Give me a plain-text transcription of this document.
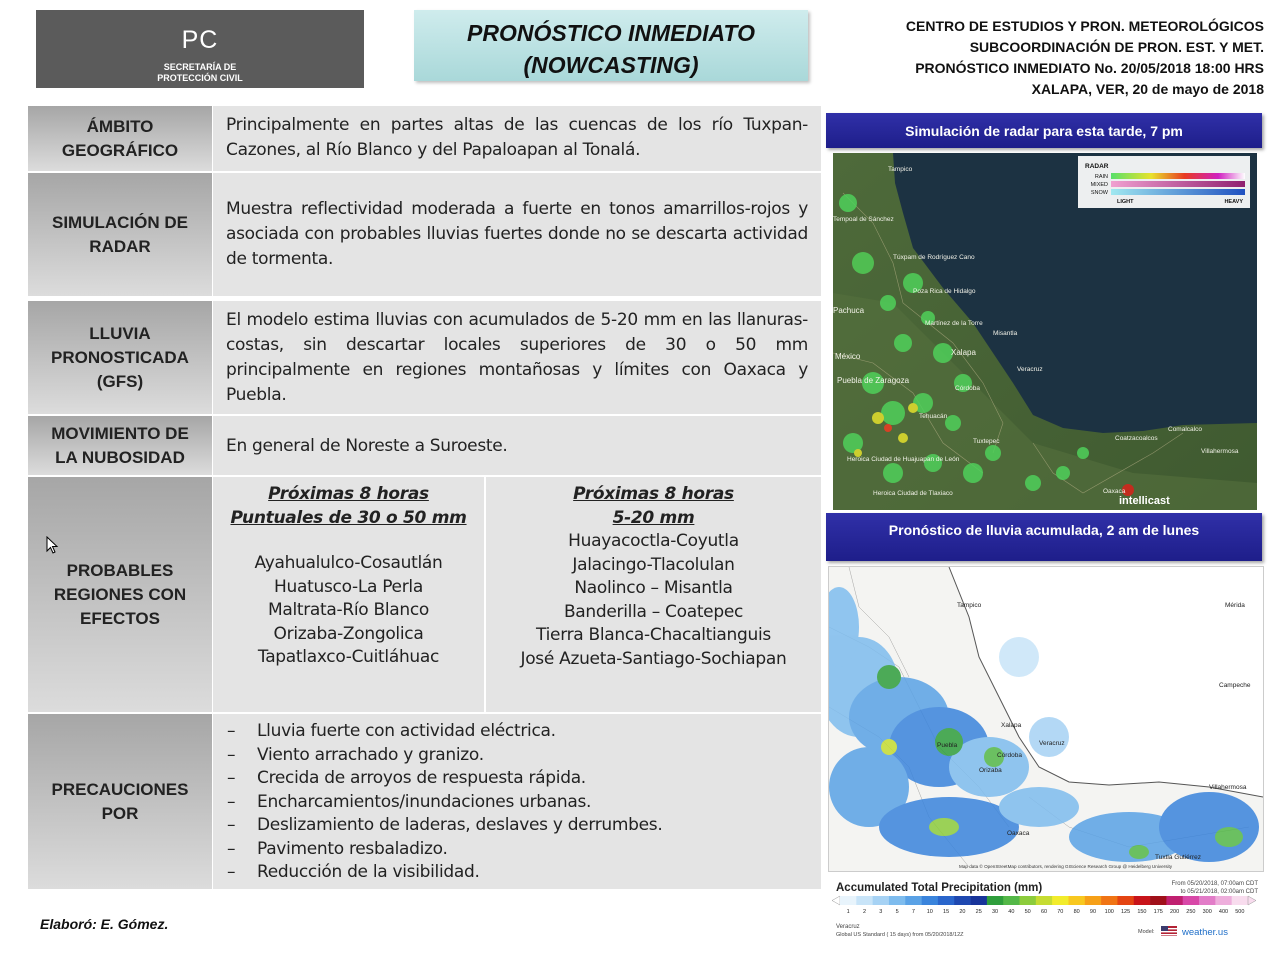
PC
SECRETARÍA DE
PROTECCIÓN CIVIL
PRONÓSTICO INMEDIATO
(NOWCASTING)
CENTRO DE ESTUDIOS Y PRON. METEOROLÓGICOS
SUBCOORDINACIÓN DE PRON. EST. Y MET.
PRONÓSTICO INMEDIATO No. 20/05/2018 18:00 HRS
XALAPA, VER, 20 de mayo de 2018
ÁMBITO GEOGRÁFICO
Principalmente en partes altas de las cuencas de los río Tuxpan-Cazones, al Río Blanco y del Papaloapan al Tonalá.
SIMULACIÓN DE RADAR
Muestra reflectividad moderada a fuerte en tonos amarrillos-rojos y asociada con probables lluvias fuertes donde no se descarta actividad de tormenta.
LLUVIA PRONOSTICADA (GFS)
El modelo estima lluvias con acumulados de 5-20 mm en las llanuras-costas, sin descartar locales superiores de 30 o 50 mm principalmente en regiones montañosas y límites con Oaxaca y Puebla.
MOVIMIENTO DE LA NUBOSIDAD
En general de Noreste a Suroeste.
PROBABLES REGIONES CON EFECTOS
Próximas 8 horas
Puntuales de 30 o 50 mm
Ayahualulco-Cosautlán
Huatusco-La Perla
Maltrata-Río Blanco
Orizaba-Zongolica
Tapatlaxco-Cuitláhuac
Próximas 8 horas
5-20 mm
Huayacoctla-Coyutla
Jalacingo-Tlacolulan
Naolinco – Misantla
Banderilla – Coatepec
Tierra Blanca-Chacaltianguis
José Azueta-Santiago-Sochiapan
PRECAUCIONES POR
– Lluvia fuerte con actividad eléctrica.
– Viento arrachado y granizo.
– Crecida de arroyos de respuesta rápida.
– Encharcamientos/inundaciones urbanas.
– Deslizamiento de laderas, deslaves y derrumbes.
– Pavimento resbaladizo.
– Reducción de la visibilidad.
Simulación de radar para esta tarde, 7 pm
Tampico
Tempoal de Sánchez
Túxpam de Rodríguez Cano
Poza Rica de Hidalgo
Pachuca
Martínez de la Torre
Misantla
Xalapa
México
Puebla de Zaragoza
Veracruz
Córdoba
Tehuacán
Coatzacoalcos
Comalcalco
Villahermosa
Heroica Ciudad de Huajuapan de León
Heroica Ciudad de Tlaxiaco
Tuxtepec
Oaxaca
RADAR
RAIN
MIXED
SNOW
LIGHT	HEAVY
intellicast
Pronóstico de lluvia acumulada, 2 am de lunes
Tampico
Xalapa
Veracruz
Puebla
Córdoba
Orizaba
Oaxaca
Tuxtla Gutiérrez
Villahermosa
Campeche
Mérida
Map data © OpenStreetMap contributors, rendering GIScience Research Group @ Heidelberg University
Accumulated Total Precipitation (mm)	From 05/20/2018, 07:00am CDT
to 05/21/2018, 02:00am CDT
1 2 3 5 7 10 15 20 25 30 40 50 60 70 80 90 100 125 150 175 200 250 300 400 500
Veracruz
Global US Standard ( 15 days) from 05/20/2018/12Z	Model:	weather.us
Elaboró: E. Gómez.
